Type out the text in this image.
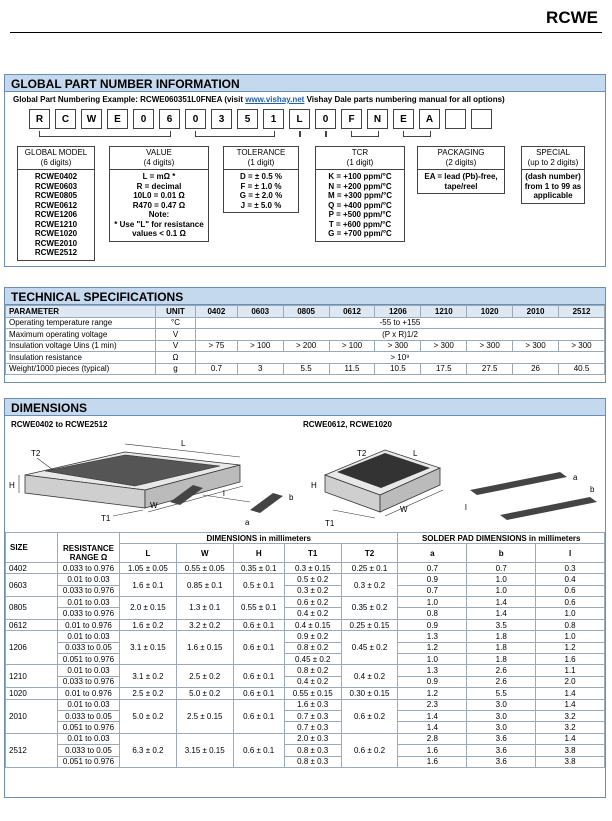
RCWE
GLOBAL PART NUMBER INFORMATION
Global Part Numbering Example: RCWE060351L0FNEA (visit www.vishay.net Vishay Dale parts numbering manual for all options)
R	C	W	E	0	6	0	3	5	1	L	0	F	N	E	A
GLOBAL MODEL
(6 digits)
RCWE0402
RCWE0603
RCWE0805
RCWE0612
RCWE1206
RCWE1210
RCWE1020
RCWE2010
RCWE2512
VALUE
(4 digits)
L = mΩ *
R = decimal
10L0 = 0.01 Ω
R470 = 0.47 Ω
Note:
* Use "L" for resistance
values < 0.1 Ω
TOLERANCE
(1 digit)
D = ± 0.5 %
F = ± 1.0 %
G = ± 2.0 %
J = ± 5.0 %
TCR
(1 digit)
K = +100 ppm/°C
N = +200 ppm/°C
M = +300 ppm/°C
Q = +400 ppm/°C
P = +500 ppm/°C
T = +600 ppm/°C
G = +700 ppm/°C
PACKAGING
(2 digits)
EA = lead (Pb)-free,
tape/reel
SPECIAL
(up to 2 digits)
(dash number)
from 1 to 99 as
applicable
TECHNICAL SPECIFICATIONS
PARAMETER	UNIT	0402	0603	0805	0612	1206	1210	1020	2010	2512
Operating temperature range	°C	-55 to +155								
Maximum operating voltage	V	(P x R)1/2								
Insulation voltage Uins (1 min)	V	> 75	> 100	> 200	> 100	> 300	> 300	> 300	> 300	> 300
Insulation resistance	Ω	> 10⁹								
Weight/1000 pieces (typical)	g	0.7	3	5.5	11.5	10.5	17.5	27.5	26	40.5
DIMENSIONS
RCWE0402 to RCWE2512	RCWE0612, RCWE1020
T2
L
H
W
T1
l
a
b
T1
W
H
T2	L
l
a
b
SIZE		DIMENSIONS in millimeters					SOLDER PAD DIMENSIONS in millimeters		
	RESISTANCE RANGE Ω	L	W	H	T1	T2	a	b	l
0402	0.033 to 0.976	1.05 ± 0.05	0.55 ± 0.05	0.35 ± 0.1	0.3 ± 0.15	0.25 ± 0.1	0.7	0.7	0.3
0603	0.01 to 0.03	1.6 ± 0.1	0.85 ± 0.1	0.5 ± 0.1	0.5 ± 0.2	0.3 ± 0.2	0.9	1.0	0.4
	0.033 to 0.976				0.3 ± 0.2		0.7	1.0	0.6
0805	0.01 to 0.03	2.0 ± 0.15	1.3 ± 0.1	0.55 ± 0.1	0.6 ± 0.2	0.35 ± 0.2	1.0	1.4	0.6
	0.033 to 0.976				0.4 ± 0.2		0.8	1.4	1.0
0612	0.01 to 0.976	1.6 ± 0.2	3.2 ± 0.2	0.6 ± 0.1	0.4 ± 0.15	0.25 ± 0.15	0.9	3.5	0.8
1206	0.01 to 0.03	3.1 ± 0.15	1.6 ± 0.15	0.6 ± 0.1	0.9 ± 0.2	0.45 ± 0.2	1.3	1.8	1.0
	0.033 to 0.05				0.8 ± 0.2		1.2	1.8	1.2
	0.051 to 0.976				0.45 ± 0.2		1.0	1.8	1.6
1210	0.01 to 0.03	3.1 ± 0.2	2.5 ± 0.2	0.6 ± 0.1	0.8 ± 0.2	0.4 ± 0.2	1.3	2.6	1.1
	0.033 to 0.976				0.4 ± 0.2		0.9	2.6	2.0
1020	0.01 to 0.976	2.5 ± 0.2	5.0 ± 0.2	0.6 ± 0.1	0.55 ± 0.15	0.30 ± 0.15	1.2	5.5	1.4
2010	0.01 to 0.03	5.0 ± 0.2	2.5 ± 0.15	0.6 ± 0.1	1.6 ± 0.3	0.6 ± 0.2	2.3	3.0	1.4
	0.033 to 0.05				0.7 ± 0.3		1.4	3.0	3.2
	0.051 to 0.976				0.7 ± 0.3		1.4	3.0	3.2
2512	0.01 to 0.03	6.3 ± 0.2	3.15 ± 0.15	0.6 ± 0.1	2.0 ± 0.3	0.6 ± 0.2	2.8	3.6	1.4
	0.033 to 0.05				0.8 ± 0.3		1.6	3.6	3.8
	0.051 to 0.976				0.8 ± 0.3		1.6	3.6	3.8
